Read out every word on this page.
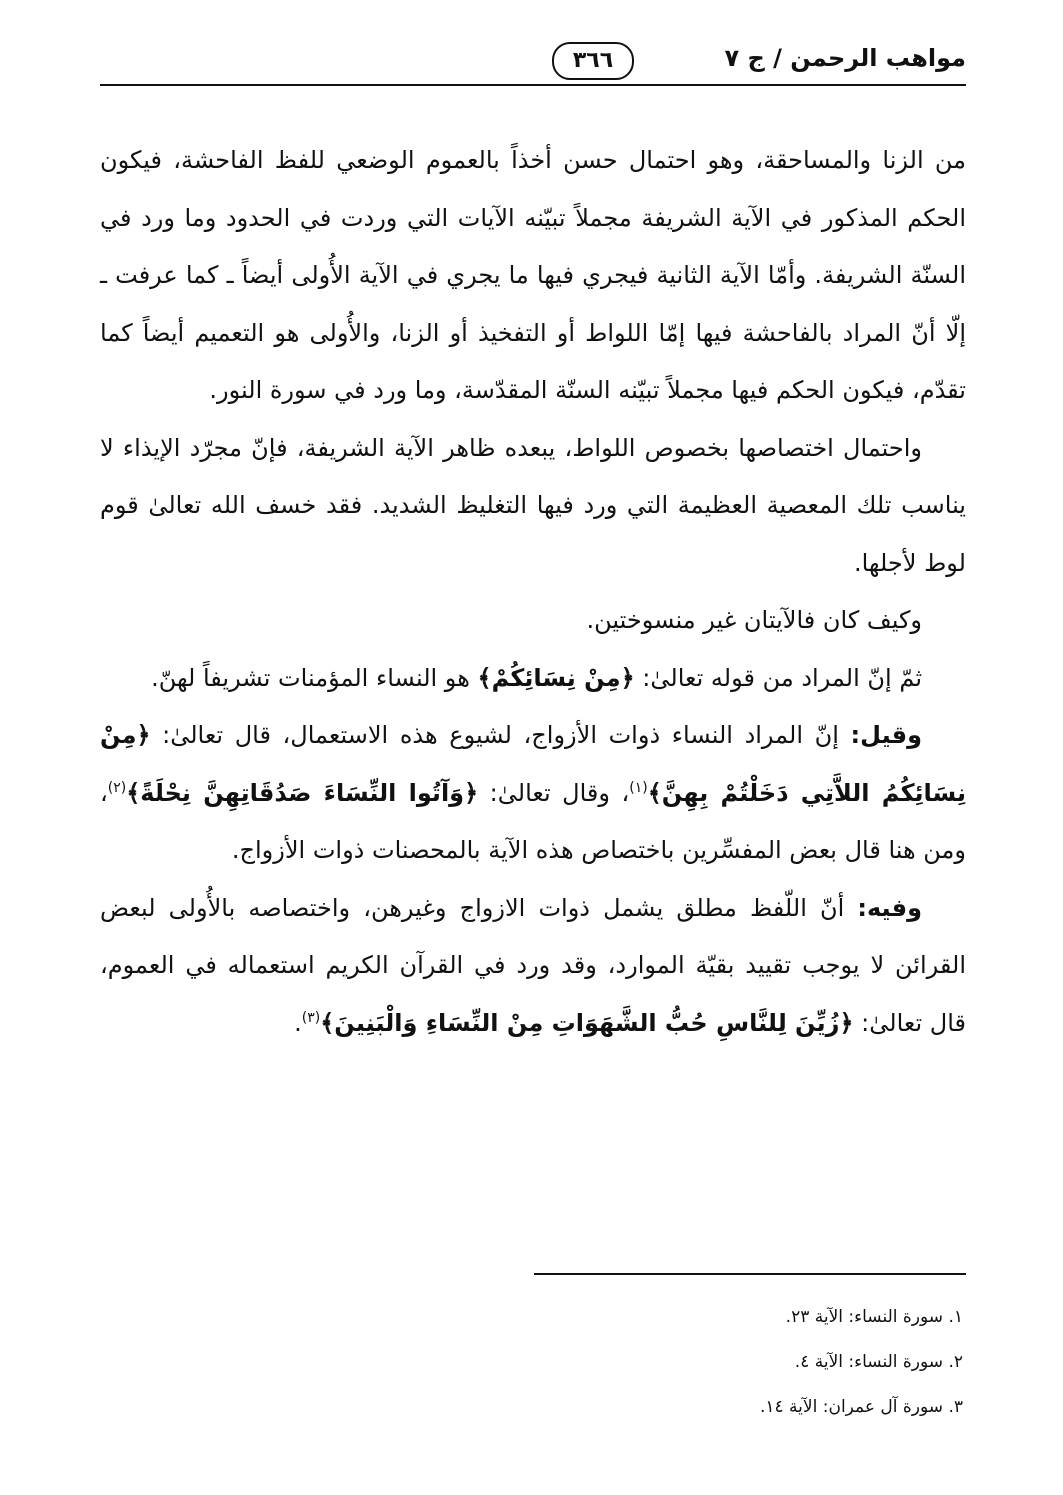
مواهب الرحمن / ج ٧
٣٦٦

من الزنا والمساحقة، وهو احتمال حسن أخذاً بالعموم الوضعي للفظ الفاحشة، فيكون الحكم المذكور في الآية الشريفة مجملاً تبيّنه الآيات التي وردت في الحدود وما ورد في السنّة الشريفة. وأمّا الآية الثانية فيجري فيها ما يجري في الآية الأُولى أيضاً ـ كما عرفت ـ إلّا أنّ المراد بالفاحشة فيها إمّا اللواط أو التفخيذ أو الزنا، والأُولى هو التعميم أيضاً كما تقدّم، فيكون الحكم فيها مجملاً تبيّنه السنّة المقدّسة، وما ورد في سورة النور.

واحتمال اختصاصها بخصوص اللواط، يبعده ظاهر الآية الشريفة، فإنّ مجرّد الإيذاء لا يناسب تلك المعصية العظيمة التي ورد فيها التغليظ الشديد. فقد خسف الله تعالىٰ قوم لوط لأجلها.

وكيف كان فالآيتان غير منسوختين.

ثمّ إنّ المراد من قوله تعالىٰ: ﴿مِنْ نِسَائِكُمْ﴾ هو النساء المؤمنات تشريفاً لهنّ.

وقيل: إنّ المراد النساء ذوات الأزواج، لشيوع هذه الاستعمال، قال تعالىٰ: ﴿مِنْ نِسَائِكُمُ اللاَّتِي دَخَلْتُمْ بِهِنَّ﴾$^{(١)}$، وقال تعالىٰ: ﴿وَآتُوا النِّسَاءَ صَدُقَاتِهِنَّ نِحْلَةً﴾$^{(٢)}$، ومن هنا قال بعض المفسِّرين باختصاص هذه الآية بالمحصنات ذوات الأزواج.

وفيه: أنّ اللّفظ مطلق يشمل ذوات الازواج وغيرهن، واختصاصه بالأُولى لبعض القرائن لا يوجب تقييد بقيّة الموارد، وقد ورد في القرآن الكريم استعماله في العموم، قال تعالىٰ: ﴿زُيِّنَ لِلنَّاسِ حُبُّ الشَّهَوَاتِ مِنْ النِّسَاءِ وَالْبَنِينَ﴾$^{(٣)}$.

١. سورة النساء: الآية ٢٣.
٢. سورة النساء: الآية ٤.
٣. سورة آل عمران: الآية ١٤.
